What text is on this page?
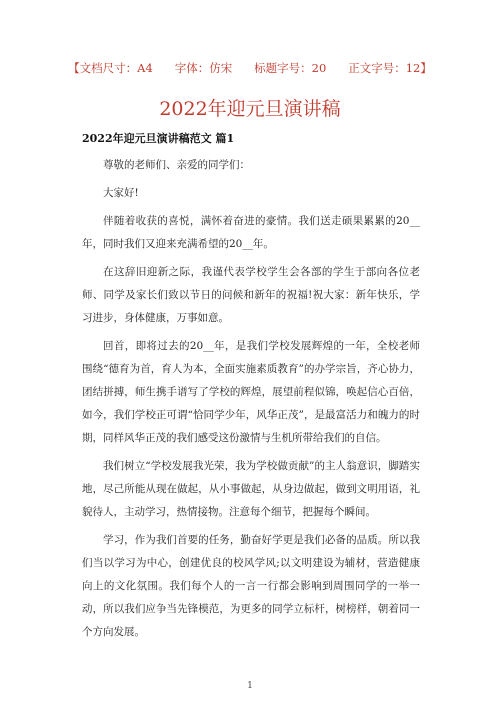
【文档尺寸：A4      字体：仿宋      标题字号：20      正文字号：12】
2022年迎元旦演讲稿
2022年迎元旦演讲稿范文 篇1

尊敬的老师们、亲爱的同学们：

大家好!

伴随着收获的喜悦，满怀着奋进的豪情。我们送走硕果累累的20__年，同时我们又迎来充满希望的20__年。

在这辞旧迎新之际，我谨代表学校学生会各部的学生于部向各位老师、同学及家长们致以节日的问候和新年的祝福!祝大家：新年快乐，学习进步，身体健康，万事如意。

回首，即将过去的20__年，是我们学校发展辉煌的一年，全校老师围绕“德育为首，育人为本，全面实施素质教育”的办学宗旨，齐心协力，团结拼搏，师生携手谱写了学校的辉煌，展望前程似锦，唤起信心百倍，如今，我们学校正可谓“恰同学少年，风华正茂”，是最富活力和魄力的时期，同样风华正茂的我们感受这份激情与生机所带给我们的自信。

我们树立“学校发展我光荣，我为学校做贡献”的主人翁意识，脚踏实地，尽己所能从现在做起，从小事做起，从身边做起，做到文明用语，礼貌待人，主动学习，热情接物。注意每个细节，把握每个瞬间。

学习，作为我们首要的任务，勤奋好学更是我们必备的品质。所以我们当以学习为中心，创建优良的校风学风;以文明建设为辅材，营造健康向上的文化氛围。我们每个人的一言一行都会影响到周围同学的一举一动，所以我们应争当先锋模范，为更多的同学立标杆，树榜样，朝着同一个方向发展。

1
